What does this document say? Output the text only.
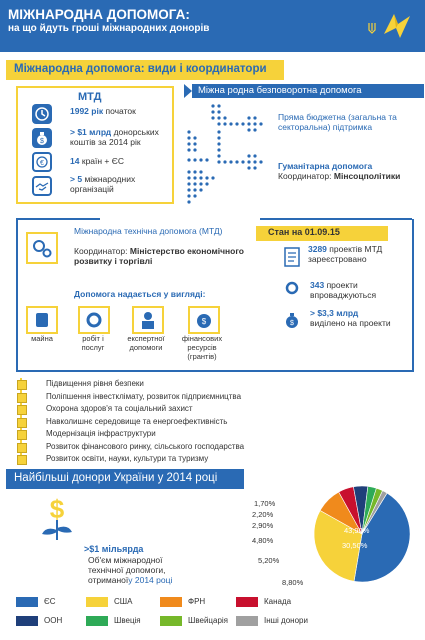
МІЖНАРОДНА ДОПОМОГА:
на що йдуть гроші міжнародних донорів
Міжнародна допомога: види і координатори
МТД
1992 рік початок
$
> $1 млрд донорських коштів за 2014 рік
€	14 країн + ЄС
> 5 міжнародних організацій
Міжна родна безповоротна допомога
Пряма бюджетна (загальна та секторальна) підтримка
Гуманітарна допомога
Координатор: Мінсоцполітики
Міжнародна технічна допомога (МТД)
Координатор: Міністерство економічного розвитку і торгівлі
Допомога надається у вигляді:
майна	робіт і послуг
експертної допомоги
$
фінансових ресурсів (грантів)
Стан на 01.09.15
3289 проектів МТД зареєстровано
343 проекти впроваджуються
$
> $3,3 млрд
виділено на проекти
Підвищення рівня безпеки
Поліпшення інвестклімату, розвиток підприємництва
Охорона здоров'я та соціальний захист
Навколишнє середовище та енергоефективність
Модернізація інфраструктури
Розвиток фінансового ринку, сільського господарства
Розвиток освіти, науки, культури та туризму
Найбільші донори України у 2014 році
$
>$1 мільярда
Об'єм міжнародної технічної допомоги, отриманоїу 2014 році
43,90%
30,50%
8,80%
5,20%
4,80%
2,90%
2,20%
1,70%
ЄС	США	ФРН	Канада
ООН	Швеція	Швейцарія	Інші донори
